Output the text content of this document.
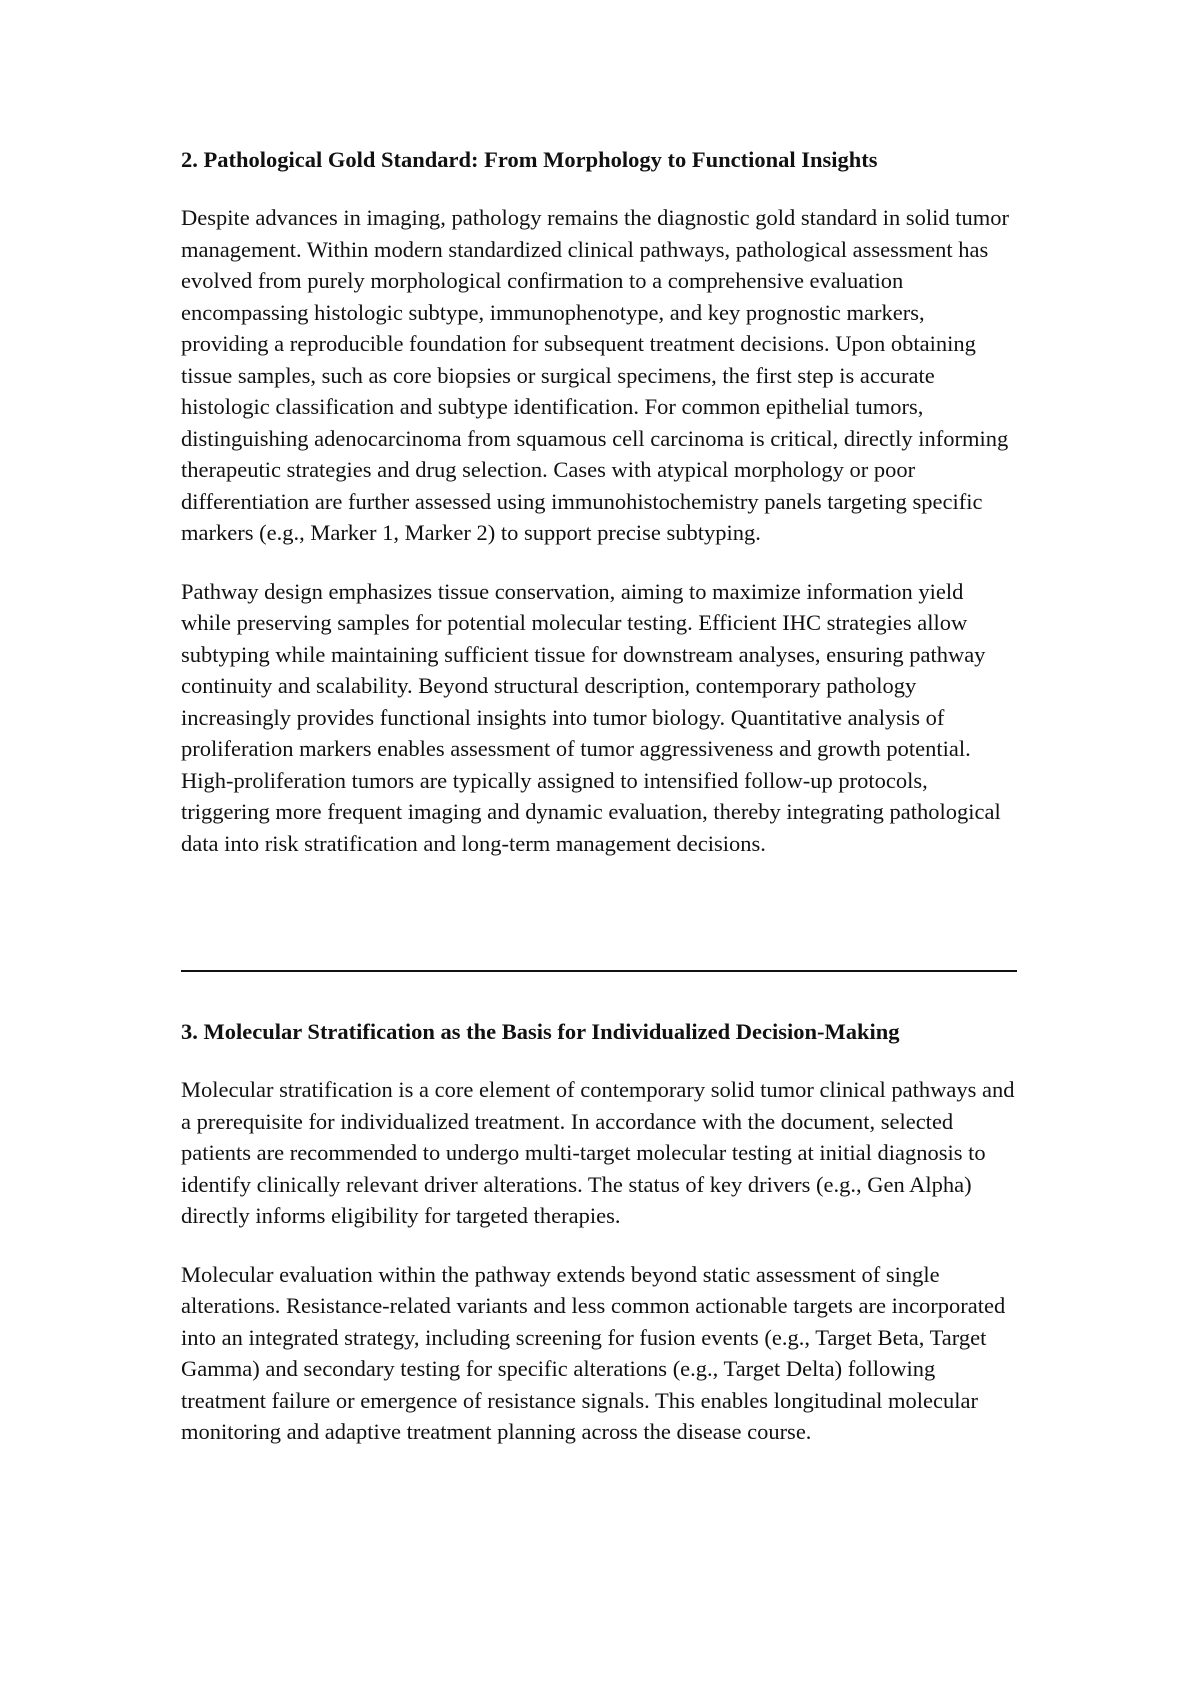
2. Pathological Gold Standard: From Morphology to Functional Insights

Despite advances in imaging, pathology remains the diagnostic gold standard in solid tumor management. Within modern standardized clinical pathways, pathological assessment has evolved from purely morphological confirmation to a comprehensive evaluation encompassing histologic subtype, immunophenotype, and key prognostic markers, providing a reproducible foundation for subsequent treatment decisions. Upon obtaining tissue samples, such as core biopsies or surgical specimens, the first step is accurate histologic classification and subtype identification. For common epithelial tumors, distinguishing adenocarcinoma from squamous cell carcinoma is critical, directly informing therapeutic strategies and drug selection. Cases with atypical morphology or poor differentiation are further assessed using immunohistochemistry panels targeting specific markers (e.g., Marker 1, Marker 2) to support precise subtyping.

Pathway design emphasizes tissue conservation, aiming to maximize information yield while preserving samples for potential molecular testing. Efficient IHC strategies allow subtyping while maintaining sufficient tissue for downstream analyses, ensuring pathway continuity and scalability. Beyond structural description, contemporary pathology increasingly provides functional insights into tumor biology. Quantitative analysis of proliferation markers enables assessment of tumor aggressiveness and growth potential. High-proliferation tumors are typically assigned to intensified follow-up protocols, triggering more frequent imaging and dynamic evaluation, thereby integrating pathological data into risk stratification and long-term management decisions.

3. Molecular Stratification as the Basis for Individualized Decision-Making

Molecular stratification is a core element of contemporary solid tumor clinical pathways and a prerequisite for individualized treatment. In accordance with the document, selected patients are recommended to undergo multi-target molecular testing at initial diagnosis to identify clinically relevant driver alterations. The status of key drivers (e.g., Gen Alpha) directly informs eligibility for targeted therapies.

Molecular evaluation within the pathway extends beyond static assessment of single alterations. Resistance-related variants and less common actionable targets are incorporated into an integrated strategy, including screening for fusion events (e.g., Target Beta, Target Gamma) and secondary testing for specific alterations (e.g., Target Delta) following treatment failure or emergence of resistance signals. This enables longitudinal molecular monitoring and adaptive treatment planning across the disease course.
